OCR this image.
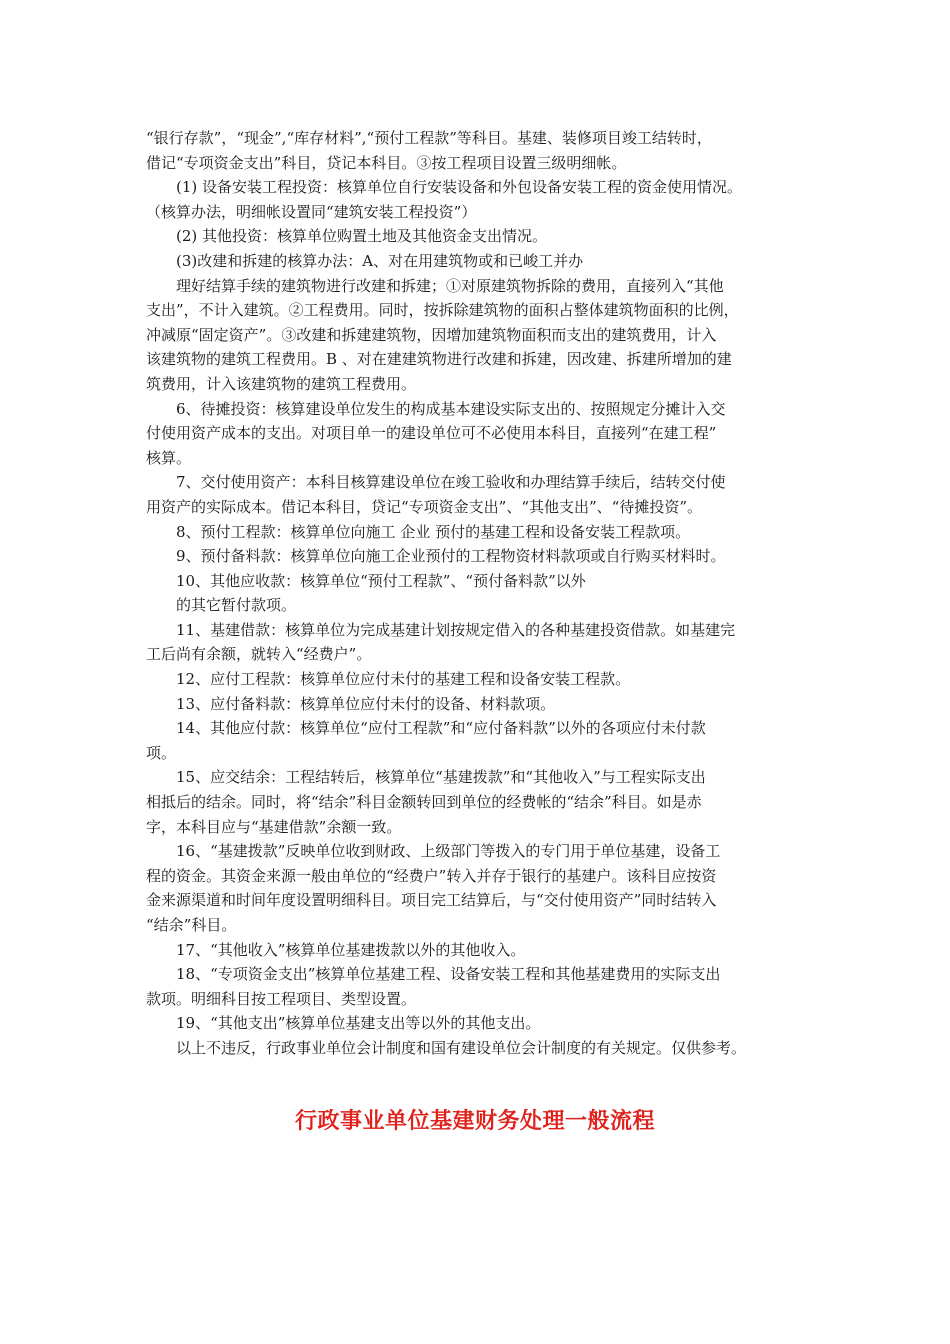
“银行存款”，“现金”,“库存材料”,“预付工程款”等科目。基建、装修项目竣工结转时，
借记“专项资金支出”科目，贷记本科目。③按工程项目设置三级明细帐。

(1) 设备安装工程投资：核算单位自行安装设备和外包设备安装工程的资金使用情况。
（核算办法，明细帐设置同“建筑安装工程投资”）

(2) 其他投资：核算单位购置土地及其他资金支出情况。

(3)改建和拆建的核算办法：A、对在用建筑物或和已峻工并办

理好结算手续的建筑物进行改建和拆建；①对原建筑物拆除的费用，直接列入“其他
支出”，不计入建筑。②工程费用。同时，按拆除建筑物的面积占整体建筑物面积的比例，
冲减原“固定资产”。③改建和拆建建筑物，因增加建筑物面积而支出的建筑费用，计入
该建筑物的建筑工程费用。B 、对在建建筑物进行改建和拆建，因改建、拆建所增加的建
筑费用，计入该建筑物的建筑工程费用。

6、待摊投资：核算建设单位发生的构成基本建设实际支出的、按照规定分摊计入交
付使用资产成本的支出。对项目单一的建设单位可不必使用本科目，直接列“在建工程”
核算。

7、交付使用资产：本科目核算建设单位在竣工验收和办理结算手续后，结转交付使
用资产的实际成本。借记本科目，贷记“专项资金支出”、“其他支出”、“待摊投资”。

8、预付工程款：核算单位向施工 企业 预付的基建工程和设备安装工程款项。

9、预付备料款：核算单位向施工企业预付的工程物资材料款项或自行购买材料时。

10、其他应收款：核算单位“预付工程款”、“预付备料款”以外

的其它暂付款项。

11、基建借款：核算单位为完成基建计划按规定借入的各种基建投资借款。如基建完
工后尚有余额，就转入“经费户”。

12、应付工程款：核算单位应付未付的基建工程和设备安装工程款。

13、应付备料款：核算单位应付未付的设备、材料款项。

14、其他应付款：核算单位“应付工程款”和“应付备料款”以外的各项应付未付款
项。

15、应交结余：工程结转后，核算单位“基建拨款”和“其他收入”与工程实际支出
相抵后的结余。同时，将“结余”科目金额转回到单位的经费帐的“结余”科目。如是赤
字，本科目应与“基建借款”余额一致。

16、“基建拨款”反映单位收到财政、上级部门等拨入的专门用于单位基建，设备工
程的资金。其资金来源一般由单位的“经费户”转入并存于银行的基建户。该科目应按资
金来源渠道和时间年度设置明细科目。项目完工结算后，与“交付使用资产”同时结转入
“结余”科目。

17、“其他收入”核算单位基建拨款以外的其他收入。

18、“专项资金支出”核算单位基建工程、设备安装工程和其他基建费用的实际支出
款项。明细科目按工程项目、类型设置。

19、“其他支出”核算单位基建支出等以外的其他支出。

以上不违反，行政事业单位会计制度和国有建设单位会计制度的有关规定。仅供参考。

行政事业单位基建财务处理一般流程
